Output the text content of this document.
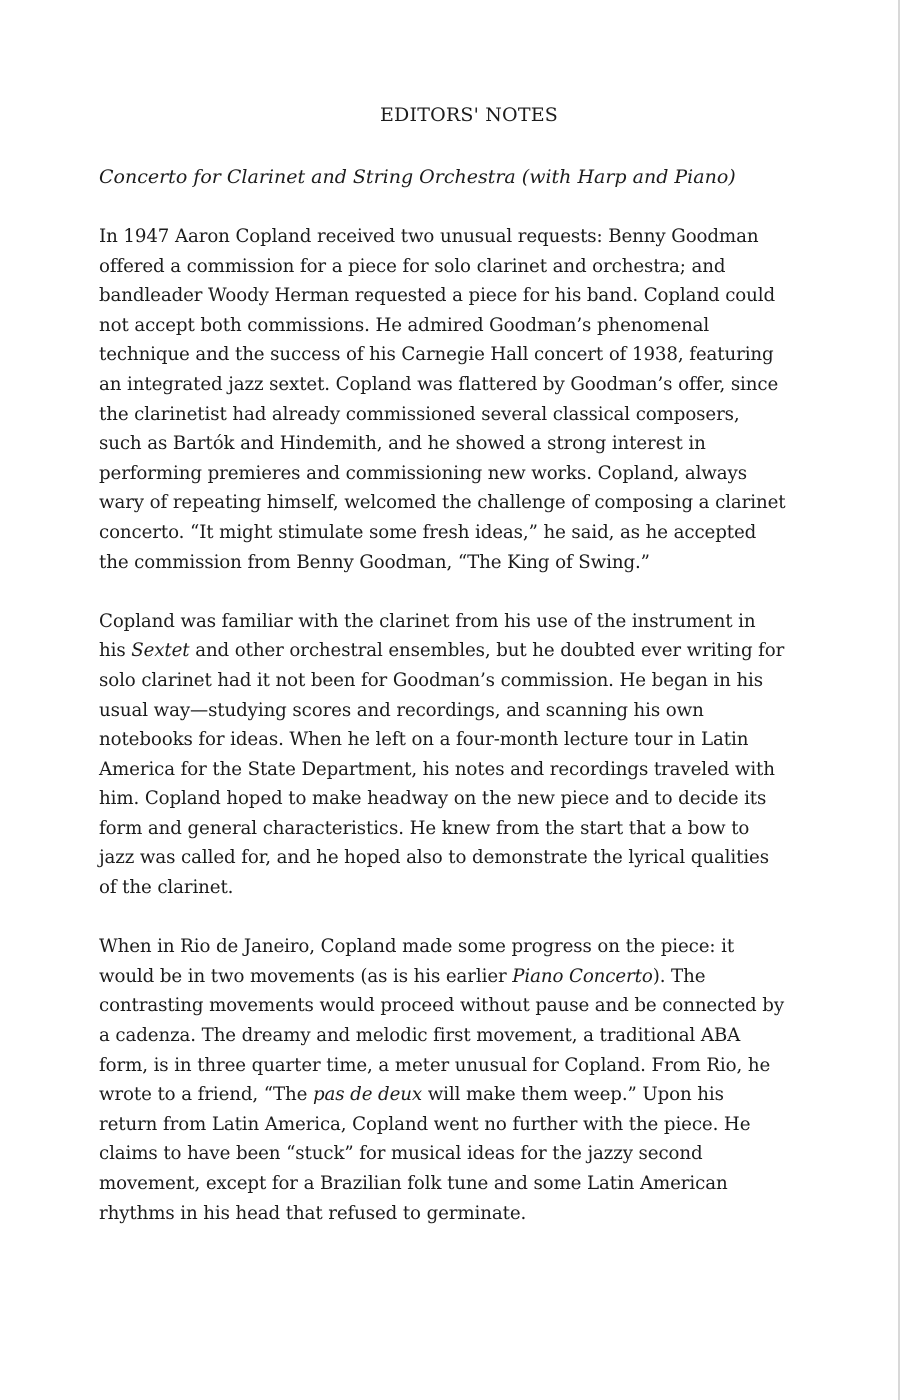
EDITORS' NOTES
Concerto for Clarinet and String Orchestra (with Harp and Piano)
In 1947 Aaron Copland received two unusual requests: Benny Goodman
offered a commission for a piece for solo clarinet and orchestra; and
bandleader Woody Herman requested a piece for his band. Copland could
not accept both commissions. He admired Goodman’s phenomenal
technique and the success of his Carnegie Hall concert of 1938, featuring
an integrated jazz sextet. Copland was flattered by Goodman’s offer, since
the clarinetist had already commissioned several classical composers,
such as Bartók and Hindemith, and he showed a strong interest in
performing premieres and commissioning new works. Copland, always
wary of repeating himself, welcomed the challenge of composing a clarinet
concerto. “It might stimulate some fresh ideas,” he said, as he accepted
the commission from Benny Goodman, “The King of Swing.”
Copland was familiar with the clarinet from his use of the instrument in
his Sextet and other orchestral ensembles, but he doubted ever writing for
solo clarinet had it not been for Goodman’s commission. He began in his
usual way—studying scores and recordings, and scanning his own
notebooks for ideas. When he left on a four-month lecture tour in Latin
America for the State Department, his notes and recordings traveled with
him. Copland hoped to make headway on the new piece and to decide its
form and general characteristics. He knew from the start that a bow to
jazz was called for, and he hoped also to demonstrate the lyrical qualities
of the clarinet.
When in Rio de Janeiro, Copland made some progress on the piece: it
would be in two movements (as is his earlier Piano Concerto). The
contrasting movements would proceed without pause and be connected by
a cadenza. The dreamy and melodic first movement, a traditional ABA
form, is in three quarter time, a meter unusual for Copland. From Rio, he
wrote to a friend, “The pas de deux will make them weep.” Upon his
return from Latin America, Copland went no further with the piece. He
claims to have been “stuck” for musical ideas for the jazzy second
movement, except for a Brazilian folk tune and some Latin American
rhythms in his head that refused to germinate.
